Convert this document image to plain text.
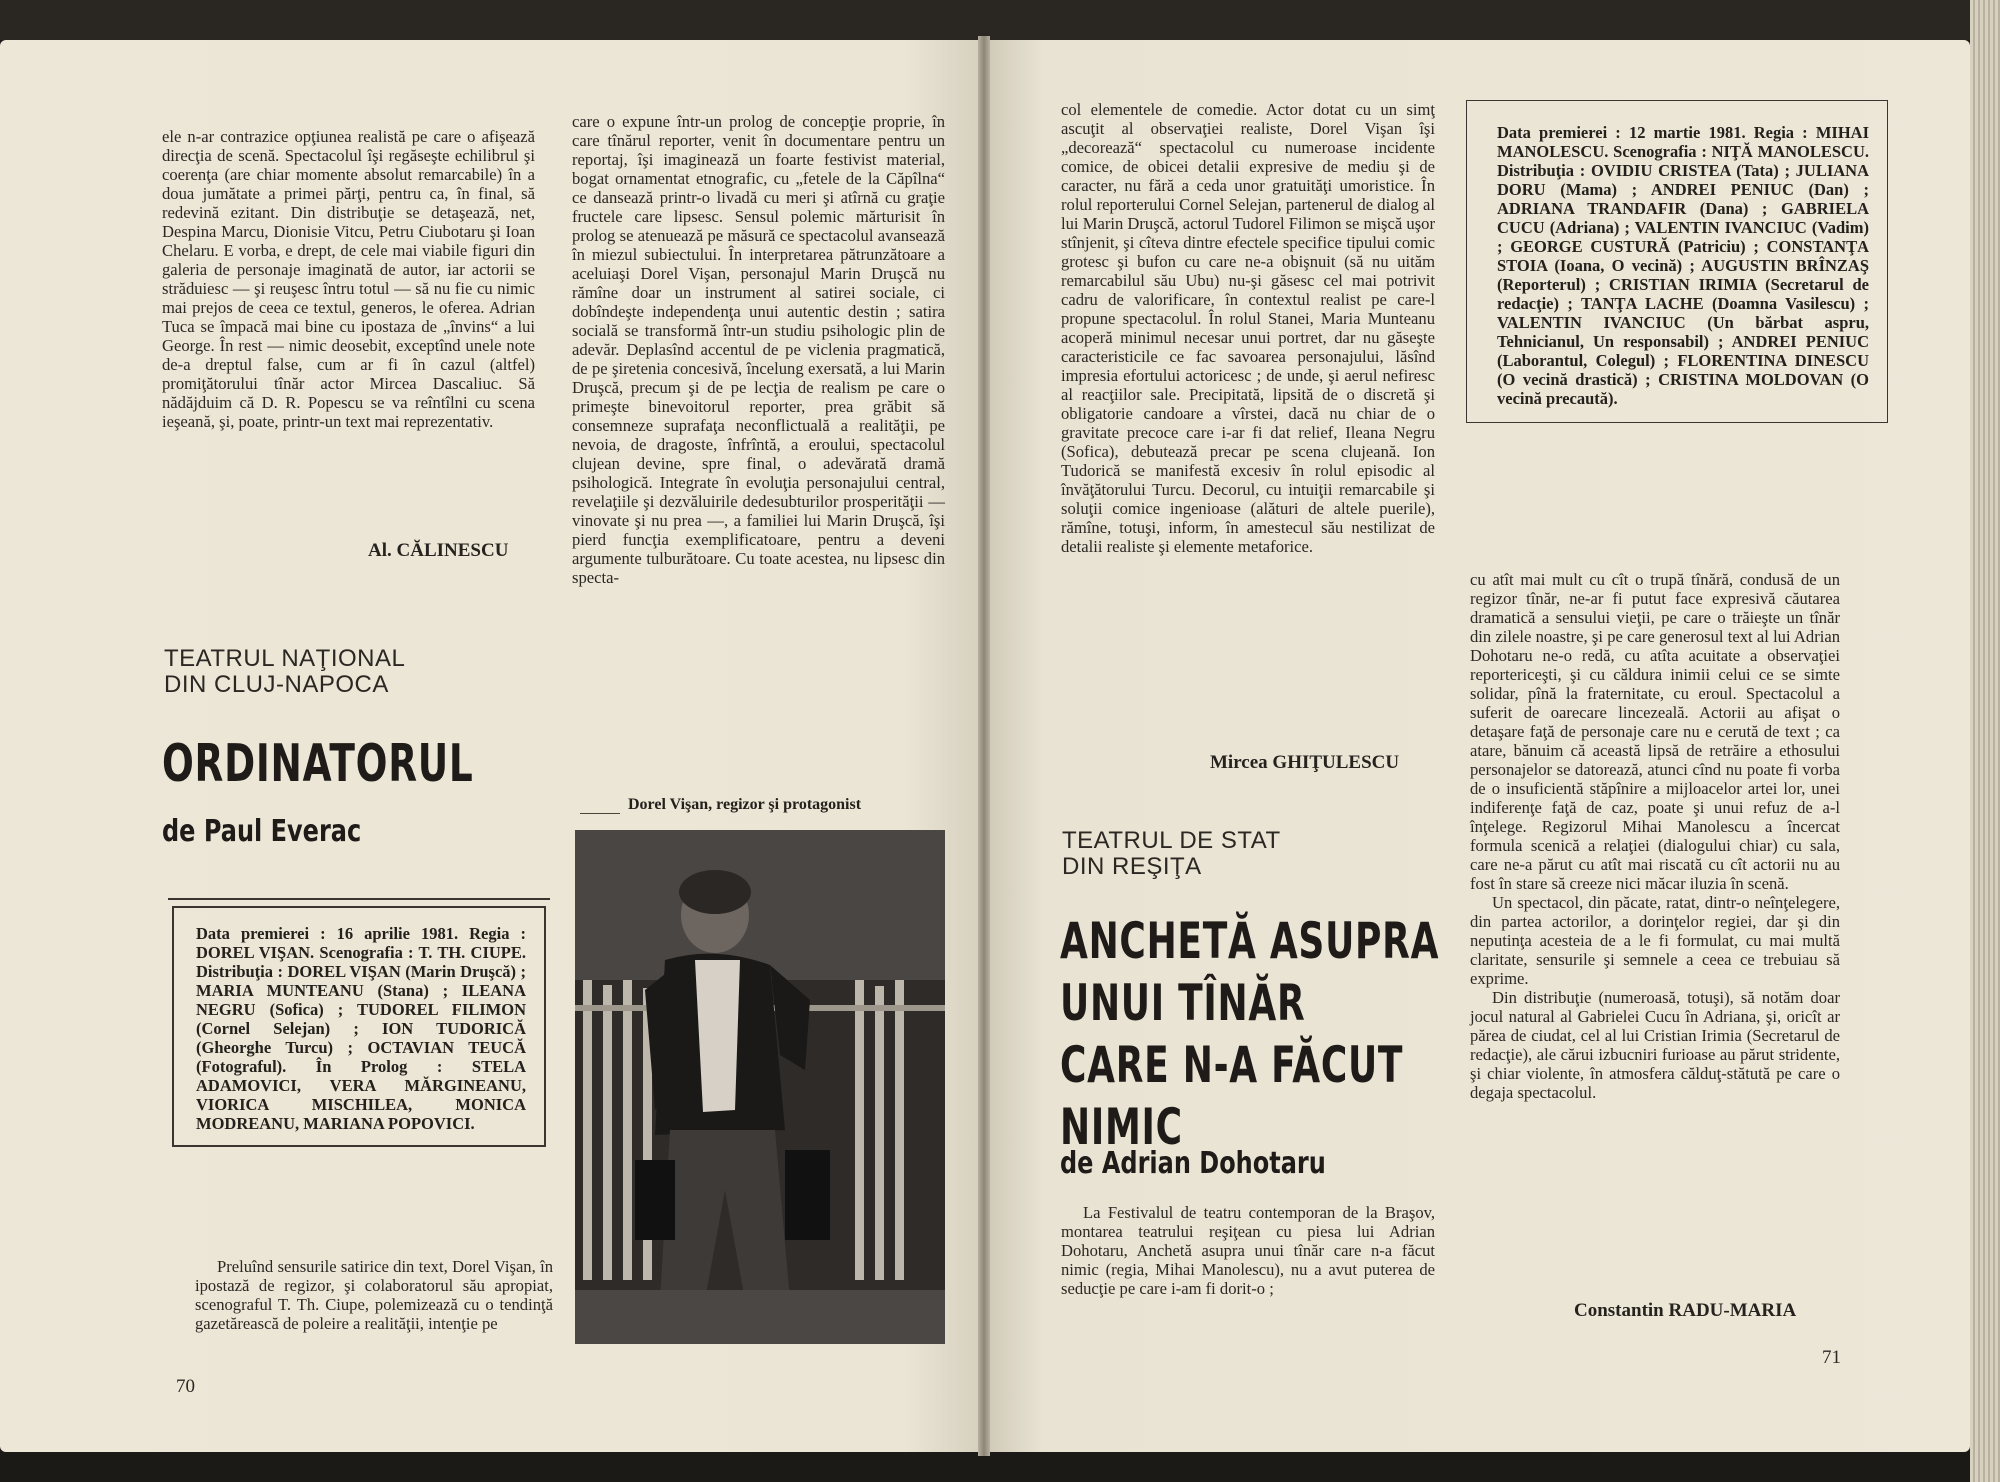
ele n-ar contrazice opţiunea realistă pe care o afişează direcţia de scenă. Spectacolul îşi regăseşte echilibrul şi coerenţa (are chiar momente absolut remarcabile) în a doua jumătate a primei părţi, pentru ca, în final, să redevină ezitant. Din distribuţie se detaşează, net, Despina Marcu, Dionisie Vitcu, Petru Ciubotaru şi Ioan Chelaru. E vorba, e drept, de cele mai viabile figuri din galeria de personaje imaginată de autor, iar actorii se străduiesc — şi reuşesc întru totul — să nu fie cu nimic mai prejos de ceea ce textul, generos, le oferea. Adrian Tuca se împacă mai bine cu ipostaza de „învins“ a lui George. În rest — nimic deosebit, exceptînd unele note de-a dreptul false, cum ar fi în cazul (altfel) promiţătorului tînăr actor Mircea Dascaliuc. Să nădăjduim că D. R. Popescu se va reîntîlni cu scena ieşeană, şi, poate, printr-un text mai reprezentativ.

Al. CĂLINESCU
TEATRUL NAŢIONAL
DIN CLUJ-NAPOCA
ORDINATORUL
de Paul Everac
Data premierei : 16 aprilie 1981. Regia : DOREL VIŞAN. Scenografia : T. TH. CIUPE. Distribuţia : DOREL VIŞAN (Marin Druşcă) ; MARIA MUNTEANU (Stana) ; ILEANA NEGRU (Sofica) ; TUDOREL FILIMON (Cornel Selejan) ; ION TUDORICĂ (Gheorghe Turcu) ; OCTAVIAN TEUCĂ (Fotograful). În Prolog : STELA ADAMOVICI, VERA MĂRGINEANU, VIORICA MISCHILEA, MONICA MODREANU, MARIANA POPOVICI.

Preluînd sensurile satirice din text, Dorel Vişan, în ipostază de regizor, şi colaboratorul său apropiat, scenograful T. Th. Ciupe, polemizează cu o tendinţă gazetărească de poleire a realităţii, intenţie pe

care o expune într-un prolog de concepţie proprie, în care tînărul reporter, venit în documentare pentru un reportaj, îşi imaginează un foarte festivist material, bogat ornamentat etnografic, cu „fetele de la Căpîlna“ ce dansează printr-o livadă cu meri şi atîrnă cu graţie fructele care lipsesc. Sensul polemic mărturisit în prolog se atenuează pe măsură ce spectacolul avansează în miezul subiectului. În interpretarea pătrunzătoare a aceluiaşi Dorel Vişan, personajul Marin Druşcă nu rămîne doar un instrument al satirei sociale, ci dobîndeşte independenţa unui autentic destin ; satira socială se transformă într-un studiu psihologic plin de adevăr. Deplasînd accentul de pe viclenia pragmatică, de pe şiretenia concesivă, încelung exersată, a lui Marin Druşcă, precum şi de pe lecţia de realism pe care o primeşte binevoitorul reporter, prea grăbit să consemneze suprafaţa neconflictuală a realităţii, pe nevoia, de dragoste, înfrîntă, a eroului, spectacolul clujean devine, spre final, o adevărată dramă psihologică. Integrate în evoluţia personajului central, revelaţiile şi dezvăluirile dedesubturilor prosperităţii — vinovate şi nu prea —, a familiei lui Marin Druşcă, îşi pierd funcţia exemplificatoare, pentru a deveni argumente tulburătoare. Cu toate acestea, nu lipsesc din specta-

Dorel Vişan, regizor şi protagonist
70

col elementele de comedie. Actor dotat cu un simţ ascuţit al observaţiei realiste, Dorel Vişan îşi „decorează“ spectacolul cu numeroase incidente comice, de obicei detalii expresive de mediu şi de caracter, nu fără a ceda unor gratuităţi umoristice. În rolul reporterului Cornel Selejan, partenerul de dialog al lui Marin Druşcă, actorul Tudorel Filimon se mişcă uşor stînjenit, şi cîteva dintre efectele specifice tipului comic grotesc şi bufon cu care ne-a obişnuit (să nu uităm remarcabilul său Ubu) nu-şi găsesc cel mai potrivit cadru de valorificare, în contextul realist pe care-l propune spectacolul. În rolul Stanei, Maria Munteanu acoperă minimul necesar unui portret, dar nu găseşte caracteristicile ce fac savoarea personajului, lăsînd impresia efortului actoricesc ; de unde, şi aerul nefiresc al reacţiilor sale. Precipitată, lipsită de o discretă şi obligatorie candoare a vîrstei, dacă nu chiar de o gravitate precoce care i-ar fi dat relief, Ileana Negru (Sofica), debutează precar pe scena clujeană. Ion Tudorică se manifestă excesiv în rolul episodic al învăţătorului Turcu. Decorul, cu intuiţii remarcabile şi soluţii comice ingenioase (alături de altele puerile), rămîne, totuşi, inform, în amestecul său nestilizat de detalii realiste şi elemente metaforice.

Mircea GHIŢULESCU
TEATRUL DE STAT
DIN REŞIŢA
ANCHETĂ ASUPRA
UNUI TÎNĂR
CARE N-A FĂCUT
NIMIC
de Adrian Dohotaru

La Festivalul de teatru contemporan de la Braşov, montarea teatrului reşiţean cu piesa lui Adrian Dohotaru, Anchetă asupra unui tînăr care n-a făcut nimic (regia, Mihai Manolescu), nu a avut puterea de seducţie pe care i-am fi dorit-o ;

Data premierei : 12 martie 1981. Regia : MIHAI MANOLESCU. Scenografia : NIŢĂ MANOLESCU. Distribuţia : OVIDIU CRISTEA (Tata) ; JULIANA DORU (Mama) ; ANDREI PENIUC (Dan) ; ADRIANA TRANDAFIR (Dana) ; GABRIELA CUCU (Adriana) ; VALENTIN IVANCIUC (Vadim) ; GEORGE CUSTURĂ (Patriciu) ; CONSTANŢA STOIA (Ioana, O vecină) ; AUGUSTIN BRÎNZAŞ (Reporterul) ; CRISTIAN IRIMIA (Secretarul de redacţie) ; TANŢA LACHE (Doamna Vasilescu) ; VALENTIN IVANCIUC (Un bărbat aspru, Tehnicianul, Un responsabil) ; ANDREI PENIUC (Laborantul, Colegul) ; FLORENTINA DINESCU (O vecină drastică) ; CRISTINA MOLDOVAN (O vecină precaută).

cu atît mai mult cu cît o trupă tînără, condusă de un regizor tînăr, ne-ar fi putut face expresivă căutarea dramatică a sensului vieţii, pe care o trăieşte un tînăr din zilele noastre, şi pe care generosul text al lui Adrian Dohotaru ne-o redă, cu atîta acuitate a observaţiei reportericeşti, şi cu căldura inimii celui ce se simte solidar, pînă la fraternitate, cu eroul. Spectacolul a suferit de oarecare lincezeală. Actorii au afişat o detaşare faţă de personaje care nu e cerută de text ; ca atare, bănuim că această lipsă de retrăire a ethosului personajelor se datorează, atunci cînd nu poate fi vorba de o insuficientă stăpînire a mijloacelor artei lor, unei indiferenţe faţă de caz, poate şi unui refuz de a-l înţelege. Regizorul Mihai Manolescu a încercat formula scenică a relaţiei (dialogului chiar) cu sala, care ne-a părut cu atît mai riscată cu cît actorii nu au fost în stare să creeze nici măcar iluzia în scenă.

Un spectacol, din păcate, ratat, dintr-o neînţelegere, din partea actorilor, a dorinţelor regiei, dar şi din neputinţa acesteia de a le fi formulat, cu mai multă claritate, sensurile şi semnele a ceea ce trebuiau să exprime.

Din distribuţie (numeroasă, totuşi), să notăm doar jocul natural al Gabrielei Cucu în Adriana, şi, oricît ar părea de ciudat, cel al lui Cristian Irimia (Secretarul de redacţie), ale cărui izbucniri furioase au părut stridente, şi chiar violente, în atmosfera călduţ-stătută pe care o degaja spectacolul.

Constantin RADU-MARIA
71
